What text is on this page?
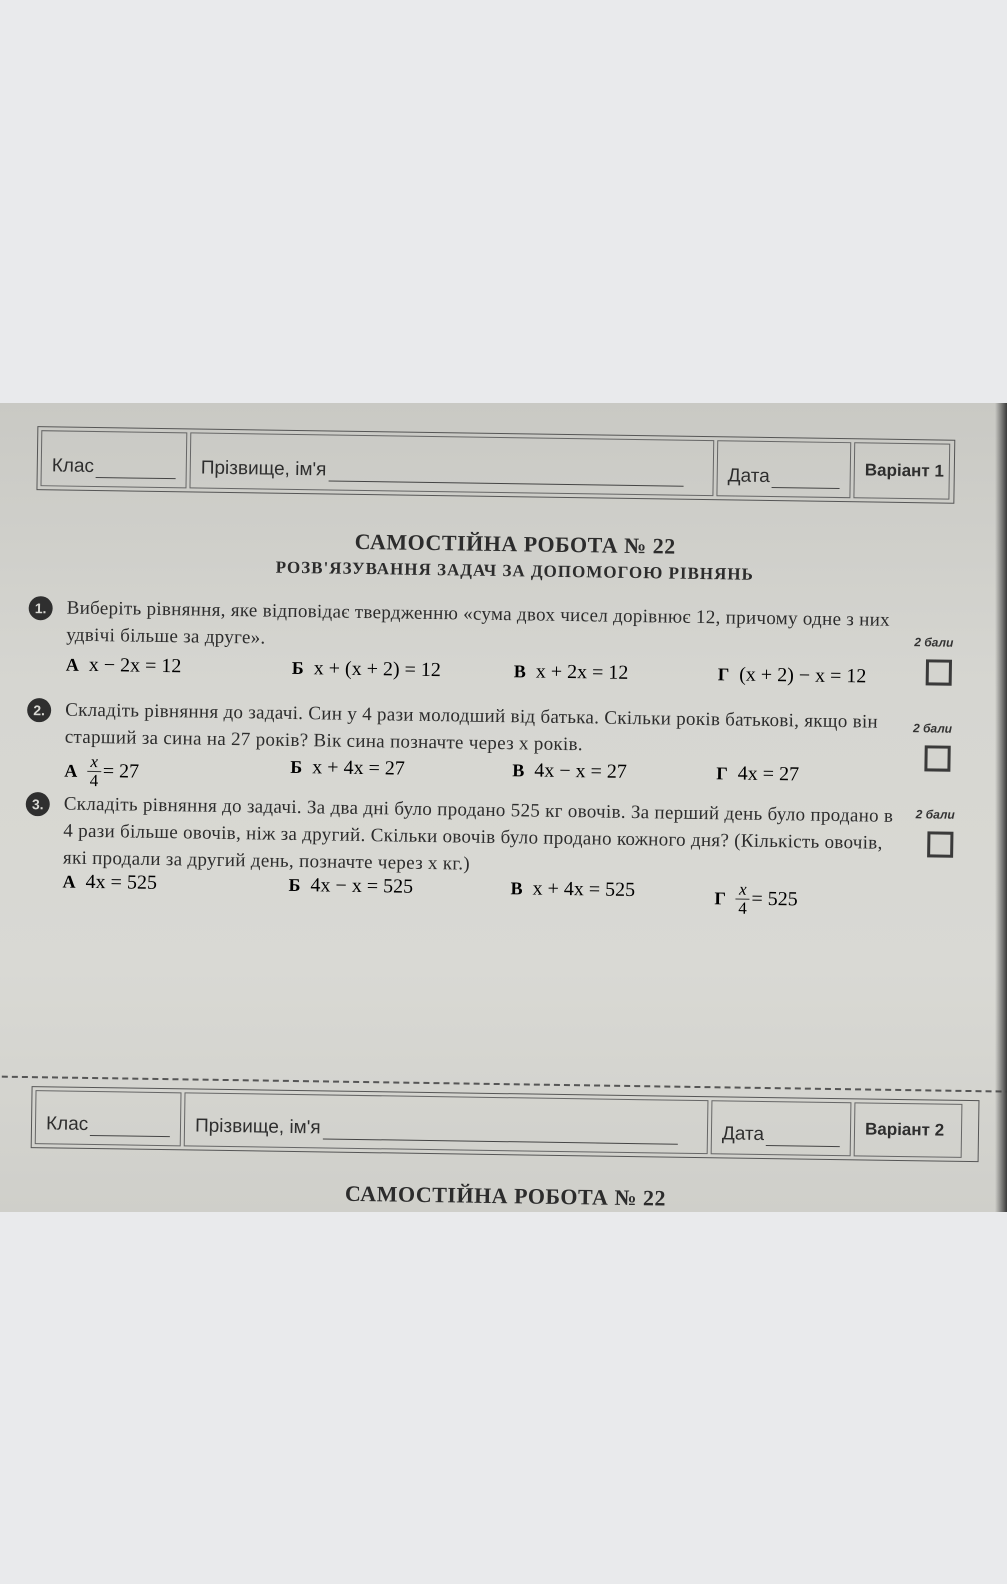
Клас	Прізвище, ім'я	Дата	Варіант 1
САМОСТІЙНА РОБОТА № 22
РОЗВ'ЯЗУВАННЯ ЗАДАЧ ЗА ДОПОМОГОЮ РІВНЯНЬ
1.	Виберіть рівняння, яке відповідає твердженню «сума двох чисел дорівнює 12, причому одне з них удвічі більше за друге».
А x − 2x = 12	Б x + (x + 2) = 12	В x + 2x = 12	Г (x + 2) − x = 12
2 бали
2.	Складіть рівняння до задачі. Син у 4 рази молодший від батька. Скільки років батькові, якщо він старший за сина на 27 років? Вік сина позначте через x років.
А $\frac{x}{4} = 27$	Б x + 4x = 27	В 4x − x = 27	Г 4x = 27
2 бали
3.	Складіть рівняння до задачі. За два дні було продано 525 кг овочів. За перший день було продано в 4 рази більше овочів, ніж за другий. Скільки овочів було продано кожного дня? (Кількість овочів, які продали за другий день, позначте через x кг.)
А 4x = 525	Б 4x − x = 525	В x + 4x = 525	Г $\frac{x}{4} = 525$
2 бали
Клас	Прізвище, ім'я	Дата	Варіант 2
САМОСТІЙНА РОБОТА № 22
